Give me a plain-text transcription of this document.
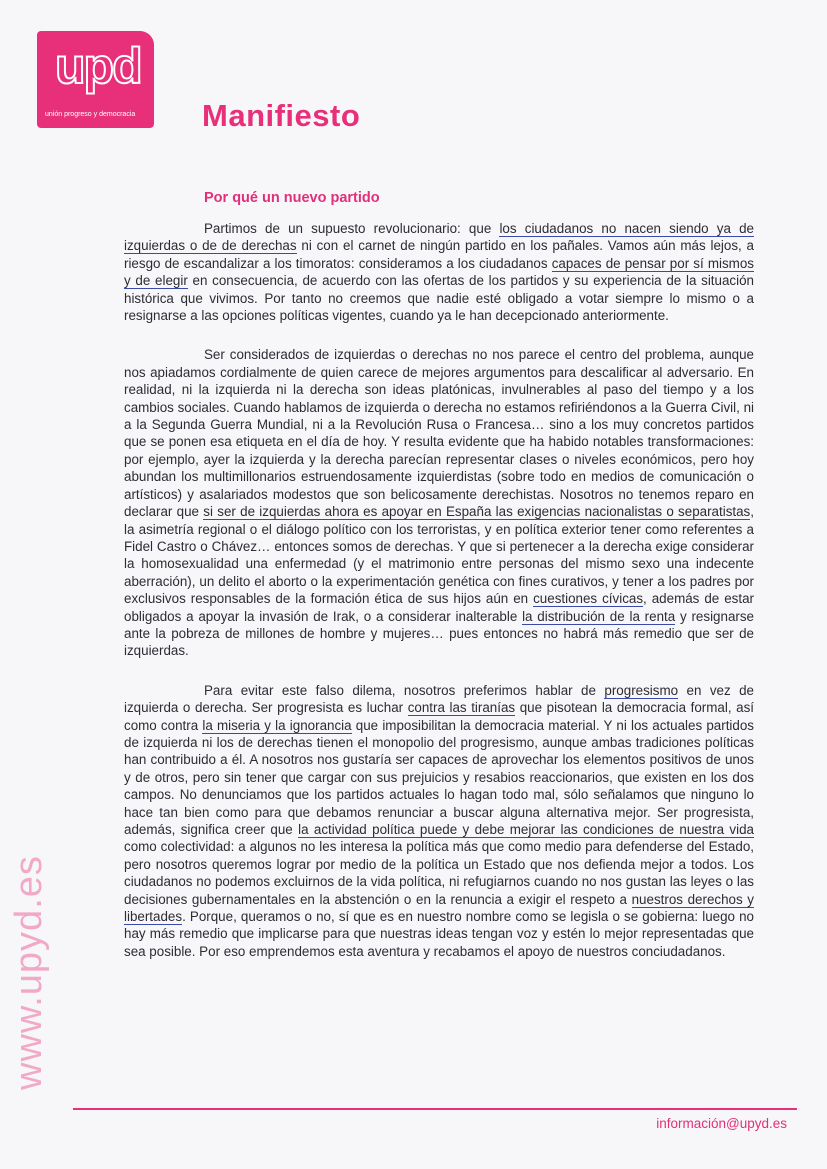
upd
unión progreso y democracia Manifiesto
Por qué un nuevo partido

Partimos de un supuesto revolucionario: que los ciudadanos no nacen siendo ya de izquierdas o de de derechas ni con el carnet de ningún partido en los pañales. Vamos aún más lejos, a riesgo de escandalizar a los timoratos: consideramos a los ciudadanos capaces de pensar por sí mismos y de elegir en consecuencia, de acuerdo con las ofertas de los partidos y su experiencia de la situación histórica que vivimos. Por tanto no creemos que nadie esté obligado a votar siempre lo mismo o a resignarse a las opciones políticas vigentes, cuando ya le han decepcionado anteriormente.

Ser considerados de izquierdas o derechas no nos parece el centro del problema, aunque nos apiadamos cordialmente de quien carece de mejores argumentos para descalificar al adversario. En realidad, ni la izquierda ni la derecha son ideas platónicas, invulnerables al paso del tiempo y a los cambios sociales. Cuando hablamos de izquierda o derecha no estamos refiriéndonos a la Guerra Civil, ni a la Segunda Guerra Mundial, ni a la Revolución Rusa o Francesa… sino a los muy concretos partidos que se ponen esa etiqueta en el día de hoy. Y resulta evidente que ha habido notables transformaciones: por ejemplo, ayer la izquierda y la derecha parecían representar clases o niveles económicos, pero hoy abundan los multimillonarios estruendosamente izquierdistas (sobre todo en medios de comunicación o artísticos) y asalariados modestos que son belicosamente derechistas. Nosotros no tenemos reparo en declarar que si ser de izquierdas ahora es apoyar en España las exigencias nacionalistas o separatistas, la asimetría regional o el diálogo político con los terroristas, y en política exterior tener como referentes a Fidel Castro o Chávez… entonces somos de derechas. Y que si pertenecer a la derecha exige considerar la homosexualidad una enfermedad (y el matrimonio entre personas del mismo sexo una indecente aberración), un delito el aborto o la experimentación genética con fines curativos, y tener a los padres por exclusivos responsables de la formación ética de sus hijos aún en cuestiones cívicas, además de estar obligados a apoyar la invasión de Irak, o a considerar inalterable la distribución de la renta y resignarse ante la pobreza de millones de hombre y mujeres… pues entonces no habrá más remedio que ser de izquierdas.

Para evitar este falso dilema, nosotros preferimos hablar de progresismo en vez de izquierda o derecha. Ser progresista es luchar contra las tiranías que pisotean la democracia formal, así como contra la miseria y la ignorancia que imposibilitan la democracia material. Y ni los actuales partidos de izquierda ni los de derechas tienen el monopolio del progresismo, aunque ambas tradiciones políticas han contribuido a él. A nosotros nos gustaría ser capaces de aprovechar los elementos positivos de unos y de otros, pero sin tener que cargar con sus prejuicios y resabios reaccionarios, que existen en los dos campos. No denunciamos que los partidos actuales lo hagan todo mal, sólo señalamos que ninguno lo hace tan bien como para que debamos renunciar a buscar alguna alternativa mejor. Ser progresista, además, significa creer que la actividad política puede y debe mejorar las condiciones de nuestra vida como colectividad: a algunos no les interesa la política más que como medio para defenderse del Estado, pero nosotros queremos lograr por medio de la política un Estado que nos defienda mejor a todos. Los ciudadanos no podemos excluirnos de la vida política, ni refugiarnos cuando no nos gustan las leyes o las decisiones gubernamentales en la abstención o en la renuncia a exigir el respeto a nuestros derechos y libertades. Porque, queramos o no, sí que es en nuestro nombre como se legisla o se gobierna: luego no hay más remedio que implicarse para que nuestras ideas tengan voz y estén lo mejor representadas que sea posible. Por eso emprendemos esta aventura y recabamos el apoyo de nuestros conciudadanos.

www.upyd.es
información@upyd.es
